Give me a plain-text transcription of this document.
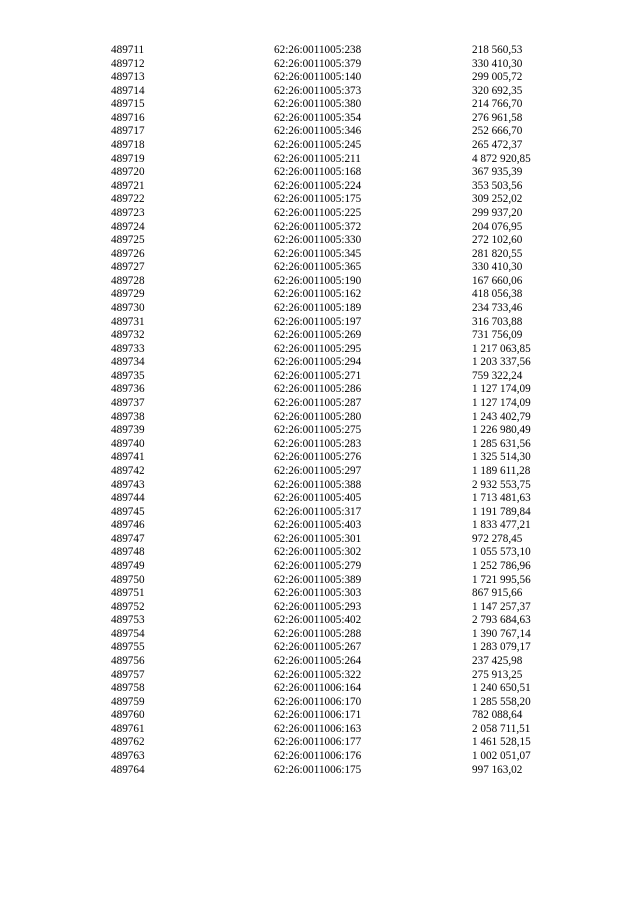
489711	62:26:0011005:238	218 560,53
489712	62:26:0011005:379	330 410,30
489713	62:26:0011005:140	299 005,72
489714	62:26:0011005:373	320 692,35
489715	62:26:0011005:380	214 766,70
489716	62:26:0011005:354	276 961,58
489717	62:26:0011005:346	252 666,70
489718	62:26:0011005:245	265 472,37
489719	62:26:0011005:211	4 872 920,85
489720	62:26:0011005:168	367 935,39
489721	62:26:0011005:224	353 503,56
489722	62:26:0011005:175	309 252,02
489723	62:26:0011005:225	299 937,20
489724	62:26:0011005:372	204 076,95
489725	62:26:0011005:330	272 102,60
489726	62:26:0011005:345	281 820,55
489727	62:26:0011005:365	330 410,30
489728	62:26:0011005:190	167 660,06
489729	62:26:0011005:162	418 056,38
489730	62:26:0011005:189	234 733,46
489731	62:26:0011005:197	316 703,88
489732	62:26:0011005:269	731 756,09
489733	62:26:0011005:295	1 217 063,85
489734	62:26:0011005:294	1 203 337,56
489735	62:26:0011005:271	759 322,24
489736	62:26:0011005:286	1 127 174,09
489737	62:26:0011005:287	1 127 174,09
489738	62:26:0011005:280	1 243 402,79
489739	62:26:0011005:275	1 226 980,49
489740	62:26:0011005:283	1 285 631,56
489741	62:26:0011005:276	1 325 514,30
489742	62:26:0011005:297	1 189 611,28
489743	62:26:0011005:388	2 932 553,75
489744	62:26:0011005:405	1 713 481,63
489745	62:26:0011005:317	1 191 789,84
489746	62:26:0011005:403	1 833 477,21
489747	62:26:0011005:301	972 278,45
489748	62:26:0011005:302	1 055 573,10
489749	62:26:0011005:279	1 252 786,96
489750	62:26:0011005:389	1 721 995,56
489751	62:26:0011005:303	867 915,66
489752	62:26:0011005:293	1 147 257,37
489753	62:26:0011005:402	2 793 684,63
489754	62:26:0011005:288	1 390 767,14
489755	62:26:0011005:267	1 283 079,17
489756	62:26:0011005:264	237 425,98
489757	62:26:0011005:322	275 913,25
489758	62:26:0011006:164	1 240 650,51
489759	62:26:0011006:170	1 285 558,20
489760	62:26:0011006:171	782 088,64
489761	62:26:0011006:163	2 058 711,51
489762	62:26:0011006:177	1 461 528,15
489763	62:26:0011006:176	1 002 051,07
489764	62:26:0011006:175	997 163,02
